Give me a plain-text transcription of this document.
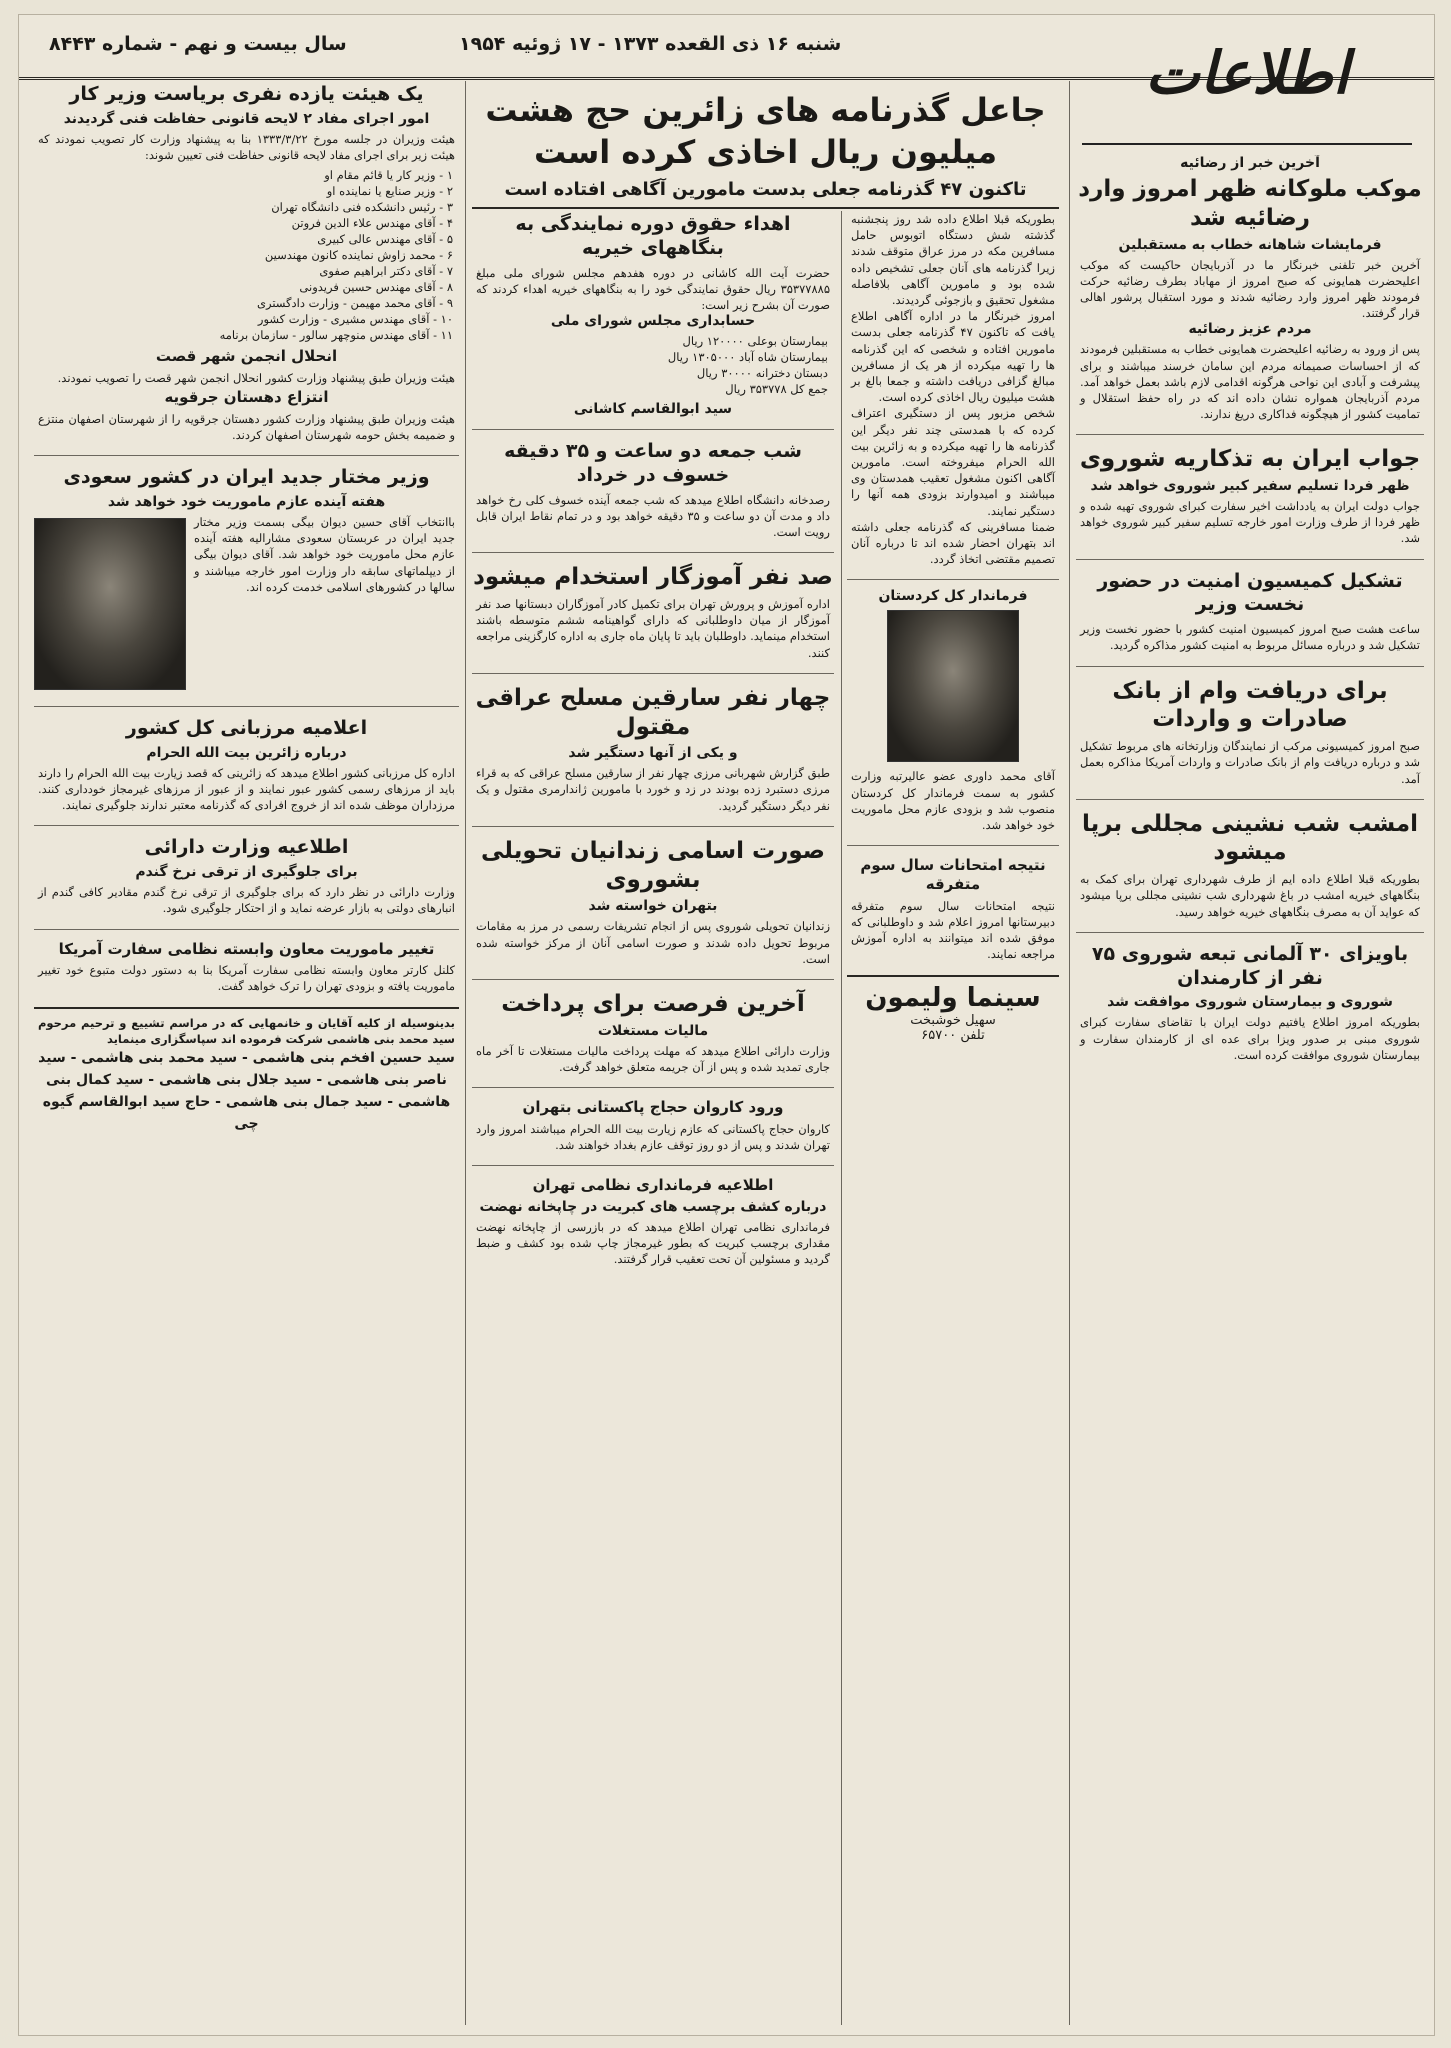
سال بیست و نهم - شماره ۸۴۴۳	شنبه ۱۶ ذی القعده ۱۳۷۳ - ۱۷ ژوئیه ۱۹۵۴	اطلاعات
جاعل گذرنامه های زائرین حج هشت میلیون ریال اخاذی کرده است
تاکنون ۴۷ گذرنامه جعلی بدست مامورین آگاهی افتاده است
آخرین خبر از رضائیه
موکب ملوکانه ظهر امروز وارد رضائیه شد
فرمایشات شاهانه خطاب به مستقبلین

آخرین خبر تلفنی خبرنگار ما در آذربایجان حاکیست که موکب اعلیحضرت همایونی که صبح امروز از مهاباد بطرف رضائیه حرکت فرمودند ظهر امروز وارد رضائیه شدند و مورد استقبال پرشور اهالی قرار گرفتند.

مردم عزیز رضائیه

پس از ورود به رضائیه اعلیحضرت همایونی خطاب به مستقبلین فرمودند که از احساسات صمیمانه مردم این سامان خرسند میباشند و برای پیشرفت و آبادی این نواحی هرگونه اقدامی لازم باشد بعمل خواهد آمد. مردم آذربایجان همواره نشان داده اند که در راه حفظ استقلال و تمامیت کشور از هیچگونه فداکاری دریغ ندارند.

جواب ایران به تذکاریه شوروی
ظهر فردا تسلیم سفیر کبیر شوروی خواهد شد

جواب دولت ایران به یادداشت اخیر سفارت کبرای شوروی تهیه شده و ظهر فردا از طرف وزارت امور خارجه تسلیم سفیر کبیر شوروی خواهد شد.

تشکیل کمیسیون امنیت در حضور نخست وزیر

ساعت هشت صبح امروز کمیسیون امنیت کشور با حضور نخست وزیر تشکیل شد و درباره مسائل مربوط به امنیت کشور مذاکره گردید.

برای دریافت وام از بانک صادرات و واردات

صبح امروز کمیسیونی مرکب از نمایندگان وزارتخانه های مربوط تشکیل شد و درباره دریافت وام از بانک صادرات و واردات آمریکا مذاکره بعمل آمد.

امشب شب نشینی مجللی برپا میشود

بطوریکه قبلا اطلاع داده ایم از طرف شهرداری تهران برای کمک به بنگاههای خیریه امشب در باغ شهرداری شب نشینی مجللی برپا میشود که عواید آن به مصرف بنگاههای خیریه خواهد رسید.

باویزای ۳۰ آلمانی تبعه شوروی ۷۵ نفر از کارمندان
شوروی و بیمارستان شوروی موافقت شد

بطوریکه امروز اطلاع یافتیم دولت ایران با تقاضای سفارت کبرای شوروی مبنی بر صدور ویزا برای عده ای از کارمندان سفارت و بیمارستان شوروی موافقت کرده است.

بطوریکه قبلا اطلاع داده شد روز پنجشنبه گذشته شش دستگاه اتوبوس حامل مسافرین مکه در مرز عراق متوقف شدند زیرا گذرنامه های آنان جعلی تشخیص داده شده بود و مامورین آگاهی بلافاصله مشغول تحقیق و بازجوئی گردیدند.

امروز خبرنگار ما در اداره آگاهی اطلاع یافت که تاکنون ۴۷ گذرنامه جعلی بدست مامورین افتاده و شخصی که این گذرنامه ها را تهیه میکرده از هر یک از مسافرین مبالغ گزافی دریافت داشته و جمعا بالغ بر هشت میلیون ریال اخاذی کرده است.

شخص مزبور پس از دستگیری اعتراف کرده که با همدستی چند نفر دیگر این گذرنامه ها را تهیه میکرده و به زائرین بیت الله الحرام میفروخته است. مامورین آگاهی اکنون مشغول تعقیب همدستان وی میباشند و امیدوارند بزودی همه آنها را دستگیر نمایند.

ضمنا مسافرینی که گذرنامه جعلی داشته اند بتهران احضار شده اند تا درباره آنان تصمیم مقتضی اتخاذ گردد.

فرماندار کل کردستان

آقای محمد داوری عضو عالیرتبه وزارت کشور به سمت فرماندار کل کردستان منصوب شد و بزودی عازم محل ماموریت خود خواهد شد.

نتیجه امتحانات سال سوم متفرقه

نتیجه امتحانات سال سوم متفرقه دبیرستانها امروز اعلام شد و داوطلبانی که موفق شده اند میتوانند به اداره آموزش مراجعه نمایند.

سینما ولیمون
سهیل خوشبخت
تلفن ۶۵۷۰۰
اهداء حقوق دوره نمایندگی به بنگاههای خیریه

حضرت آیت الله کاشانی در دوره هفدهم مجلس شورای ملی مبلغ ۳۵۳۷۷۸۸۵ ریال حقوق نمایندگی خود را به بنگاههای خیریه اهداء کردند که صورت آن بشرح زیر است:

حسابداری مجلس شورای ملی
بیمارستان بوعلی ۱۲۰۰۰۰ ریال
بیمارستان شاه آباد ۱۳۰۵۰۰۰ ریال
دبستان دخترانه ۳۰۰۰۰ ریال
جمع کل ۳۵۳۷۷۸ ریال
سید ابوالقاسم کاشانی
شب جمعه دو ساعت و ۳۵ دقیقه خسوف در خرداد

رصدخانه دانشگاه اطلاع میدهد که شب جمعه آینده خسوف کلی رخ خواهد داد و مدت آن دو ساعت و ۳۵ دقیقه خواهد بود و در تمام نقاط ایران قابل رویت است.

صد نفر آموزگار استخدام میشود

اداره آموزش و پرورش تهران برای تکمیل کادر آموزگاران دبستانها صد نفر آموزگار از میان داوطلبانی که دارای گواهینامه ششم متوسطه باشند استخدام مینماید. داوطلبان باید تا پایان ماه جاری به اداره کارگزینی مراجعه کنند.

چهار نفر سارقین مسلح عراقی مقتول
و یکی از آنها دستگیر شد

طبق گزارش شهربانی مرزی چهار نفر از سارقین مسلح عراقی که به قراء مرزی دستبرد زده بودند در زد و خورد با مامورین ژاندارمری مقتول و یک نفر دیگر دستگیر گردید.

صورت اسامی زندانیان تحویلی بشوروی
بتهران خواسته شد

زندانیان تحویلی شوروی پس از انجام تشریفات رسمی در مرز به مقامات مربوط تحویل داده شدند و صورت اسامی آنان از مرکز خواسته شده است.

آخرین فرصت برای پرداخت
مالیات مستغلات

وزارت دارائی اطلاع میدهد که مهلت پرداخت مالیات مستغلات تا آخر ماه جاری تمدید شده و پس از آن جریمه متعلق خواهد گرفت.

ورود کاروان حجاج پاکستانی بتهران

کاروان حجاج پاکستانی که عازم زیارت بیت الله الحرام میباشند امروز وارد تهران شدند و پس از دو روز توقف عازم بغداد خواهند شد.

اطلاعیه فرمانداری نظامی تهران
درباره کشف برچسب های کبریت در چاپخانه نهضت

فرمانداری نظامی تهران اطلاع میدهد که در بازرسی از چاپخانه نهضت مقداری برچسب کبریت که بطور غیرمجاز چاپ شده بود کشف و ضبط گردید و مسئولین آن تحت تعقیب قرار گرفتند.

یک هیئت یازده نفری بریاست وزیر کار
امور اجرای مفاد ۲ لایحه قانونی حفاظت فنی گردیدند

هیئت وزیران در جلسه مورخ ۱۳۳۳/۳/۲۲ بنا به پیشنهاد وزارت کار تصویب نمودند که هیئت زیر برای اجرای مفاد لایحه قانونی حفاظت فنی تعیین شوند:

۱ - وزیر کار یا قائم مقام او
۲ - وزیر صنایع یا نماینده او
۳ - رئیس دانشکده فنی دانشگاه تهران
۴ - آقای مهندس علاء الدین فروتن
۵ - آقای مهندس عالی کبیری
۶ - محمد زاوش نماینده کانون مهندسین
۷ - آقای دکتر ابراهیم صفوی
۸ - آقای مهندس حسین فریدونی
۹ - آقای محمد مهیمن - وزارت دادگستری
۱۰ - آقای مهندس مشیری - وزارت کشور
۱۱ - آقای مهندس منوچهر سالور - سازمان برنامه
انحلال انجمن شهر قصت

هیئت وزیران طبق پیشنهاد وزارت کشور انحلال انجمن شهر قصت را تصویب نمودند.

انتزاع دهستان جرقویه

هیئت وزیران طبق پیشنهاد وزارت کشور دهستان جرقویه را از شهرستان اصفهان منتزع و ضمیمه بخش حومه شهرستان اصفهان کردند.

وزیر مختار جدید ایران در کشور سعودی
هفته آینده عازم ماموریت خود خواهد شد

باانتخاب آقای حسین دیوان بیگی بسمت وزیر مختار جدید ایران در عربستان سعودی مشارالیه هفته آینده عازم محل ماموریت خود خواهد شد. آقای دیوان بیگی از دیپلماتهای سابقه دار وزارت امور خارجه میباشند و سالها در کشورهای اسلامی خدمت کرده اند.

اعلامیه مرزبانی کل کشور
درباره زائرین بیت الله الحرام

اداره کل مرزبانی کشور اطلاع میدهد که زائرینی که قصد زیارت بیت الله الحرام را دارند باید از مرزهای رسمی کشور عبور نمایند و از عبور از مرزهای غیرمجاز خودداری کنند. مرزداران موظف شده اند از خروج افرادی که گذرنامه معتبر ندارند جلوگیری نمایند.

اطلاعیه وزارت دارائی
برای جلوگیری از ترقی نرخ گندم

وزارت دارائی در نظر دارد که برای جلوگیری از ترقی نرخ گندم مقادیر کافی گندم از انبارهای دولتی به بازار عرضه نماید و از احتکار جلوگیری شود.

تغییر ماموریت معاون وابسته نظامی سفارت آمریکا

کلنل کارتر معاون وابسته نظامی سفارت آمریکا بنا به دستور دولت متبوع خود تغییر ماموریت یافته و بزودی تهران را ترک خواهد گفت.

بدینوسیله از کلیه آقایان و خانمهایی که در مراسم تشییع و ترحیم مرحوم سید محمد بنی هاشمی شرکت فرموده اند سپاسگزاری مینماید

سید حسین افخم بنی هاشمی - سید محمد بنی هاشمی - سید ناصر بنی هاشمی - سید جلال بنی هاشمی - سید کمال بنی هاشمی - سید جمال بنی هاشمی - حاج سید ابوالقاسم گیوه چی
